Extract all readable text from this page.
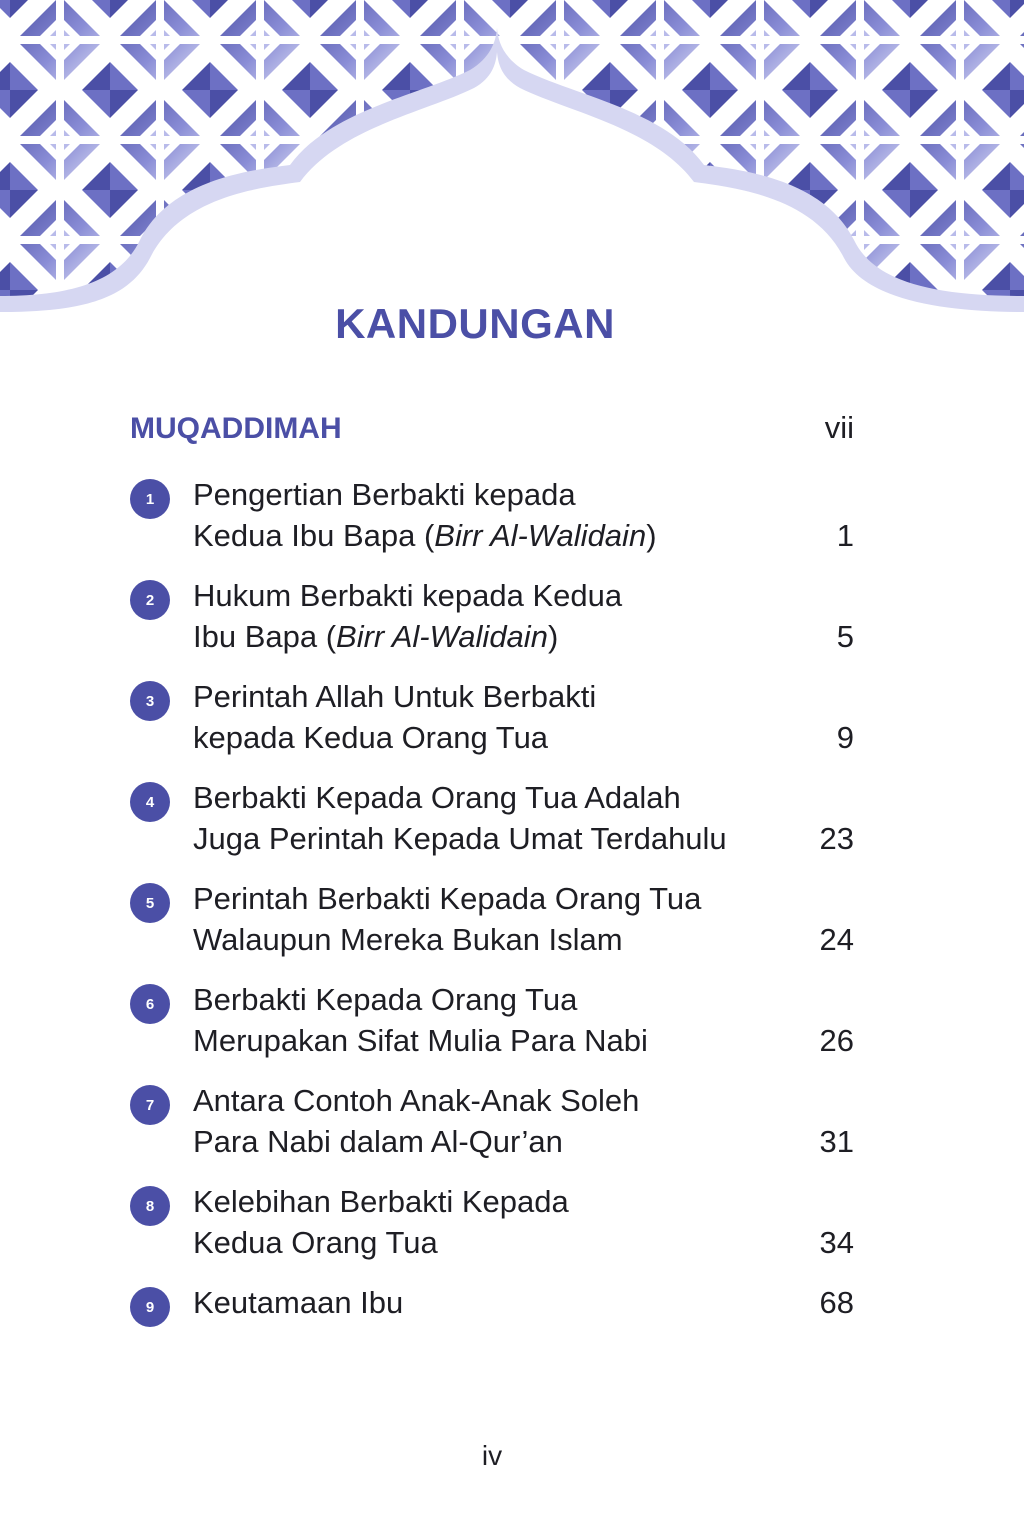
KANDUNGAN
MUQADDIMAH	vii
1	Pengertian Berbakti kepada
Kedua Ibu Bapa (Birr Al-Walidain)	1
2	Hukum Berbakti kepada Kedua
Ibu Bapa (Birr Al-Walidain)	5
3	Perintah Allah Untuk Berbakti
kepada Kedua Orang Tua	9
4	Berbakti Kepada Orang Tua Adalah
Juga Perintah Kepada Umat Terdahulu	23
5	Perintah Berbakti Kepada Orang Tua
Walaupun Mereka Bukan Islam	24
6	Berbakti Kepada Orang Tua
Merupakan Sifat Mulia Para Nabi	26
7	Antara Contoh Anak-Anak Soleh
Para Nabi dalam Al-Qur’an	31
8	Kelebihan Berbakti Kepada
Kedua Orang Tua	34
9	Keutamaan Ibu	68
iv
